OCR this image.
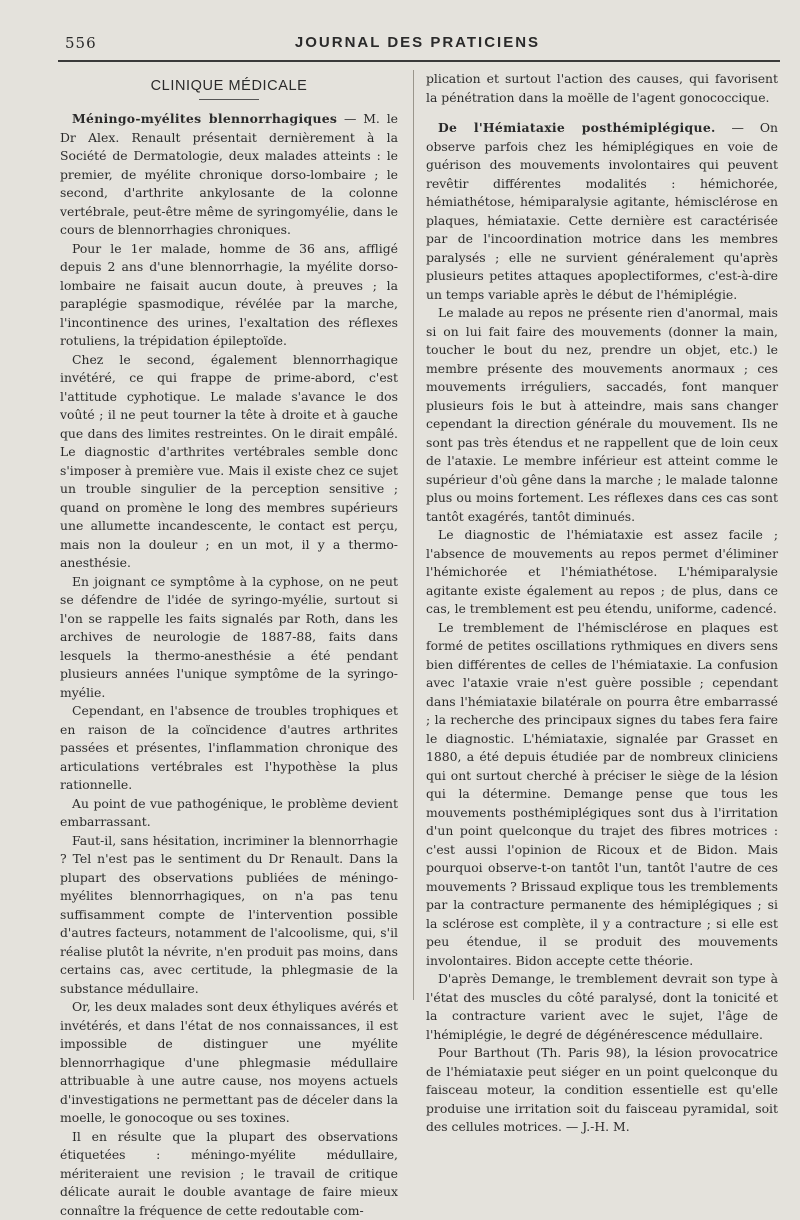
556	JOURNAL DES PRATICIENS
CLINIQUE MÉDICALE

Méningo-myélites blennorrhagiques — M. le Dr Alex. Renault présentait dernièrement à la Société de Dermatologie, deux malades atteints : le premier, de myélite chronique dorso-lombaire ; le second, d'arthrite ankylosante de la colonne vertébrale, peut-être même de syringomyélie, dans le cours de blennorrhagies chroniques.

Pour le 1er malade, homme de 36 ans, affligé depuis 2 ans d'une blennorrhagie, la myélite dorso-lombaire ne faisait aucun doute, à preuves ; la paraplégie spasmodique, révélée par la marche, l'incontinence des urines, l'exaltation des réflexes rotuliens, la trépidation épileptoïde.

Chez le second, également blennorrhagique invétéré, ce qui frappe de prime-abord, c'est l'attitude cyphotique. Le malade s'avance le dos voûté ; il ne peut tourner la tête à droite et à gauche que dans des limites restreintes. On le dirait empâlé. Le diagnostic d'arthrites vertébrales semble donc s'imposer à première vue. Mais il existe chez ce sujet un trouble singulier de la perception sensitive ; quand on promène le long des membres supérieurs une allumette incandescente, le contact est perçu, mais non la douleur ; en un mot, il y a thermo-anesthésie.

En joignant ce symptôme à la cyphose, on ne peut se défendre de l'idée de syringo-myélie, surtout si l'on se rappelle les faits signalés par Roth, dans les archives de neurologie de 1887-88, faits dans lesquels la thermo-anesthésie a été pendant plusieurs années l'unique symptôme de la syringo-myélie.

Cependant, en l'absence de troubles trophiques et en raison de la coïncidence d'autres arthrites passées et présentes, l'inflammation chronique des articulations vertébrales est l'hypothèse la plus rationnelle.

Au point de vue pathogénique, le problème devient embarrassant.

Faut-il, sans hésitation, incriminer la blennorrhagie ? Tel n'est pas le sentiment du Dr Renault. Dans la plupart des observations publiées de méningo-myélites blennorrhagiques, on n'a pas tenu suffisamment compte de l'intervention possible d'autres facteurs, notamment de l'alcoolisme, qui, s'il réalise plutôt la névrite, n'en produit pas moins, dans certains cas, avec certitude, la phlegmasie de la substance médullaire.

Or, les deux malades sont deux éthyliques avérés et invétérés, et dans l'état de nos connaissances, il est impossible de distinguer une myélite blennorrhagique d'une phlegmasie médullaire attribuable à une autre cause, nos moyens actuels d'investigations ne permettant pas de déceler dans la moelle, le gonocoque ou ses toxines.

Il en résulte que la plupart des observations étiquetées : méningo-myélite médullaire, mériteraient une revision ; le travail de critique délicate aurait le double avantage de faire mieux connaître la fréquence de cette redoutable com-

plication et surtout l'action des causes, qui favorisent la pénétration dans la moëlle de l'agent gonococcique.

De l'Hémiataxie posthémiplégique. — On observe parfois chez les hémiplégiques en voie de guérison des mouvements involontaires qui peuvent revêtir différentes modalités : hémichorée, hémiathétose, hémiparalysie agitante, hémisclérose en plaques, hémiataxie. Cette dernière est caractérisée par de l'incoordination motrice dans les membres paralysés ; elle ne survient généralement qu'après plusieurs petites attaques apoplectiformes, c'est-à-dire un temps variable après le début de l'hémiplégie.

Le malade au repos ne présente rien d'anormal, mais si on lui fait faire des mouvements (donner la main, toucher le bout du nez, prendre un objet, etc.) le membre présente des mouvements anormaux ; ces mouvements irréguliers, saccadés, font manquer plusieurs fois le but à atteindre, mais sans changer cependant la direction générale du mouvement. Ils ne sont pas très étendus et ne rappellent que de loin ceux de l'ataxie. Le membre inférieur est atteint comme le supérieur d'où gêne dans la marche ; le malade talonne plus ou moins fortement. Les réflexes dans ces cas sont tantôt exagérés, tantôt diminués.

Le diagnostic de l'hémiataxie est assez facile ; l'absence de mouvements au repos permet d'éliminer l'hémichorée et l'hémiathétose. L'hémiparalysie agitante existe également au repos ; de plus, dans ce cas, le tremblement est peu étendu, uniforme, cadencé.

Le tremblement de l'hémisclérose en plaques est formé de petites oscillations rythmiques en divers sens bien différentes de celles de l'hémiataxie. La confusion avec l'ataxie vraie n'est guère possible ; cependant dans l'hémiataxie bilatérale on pourra être embarrassé ; la recherche des principaux signes du tabes fera faire le diagnostic. L'hémiataxie, signalée par Grasset en 1880, a été depuis étudiée par de nombreux cliniciens qui ont surtout cherché à préciser le siège de la lésion qui la détermine. Demange pense que tous les mouvements posthémiplégiques sont dus à l'irritation d'un point quelconque du trajet des fibres motrices : c'est aussi l'opinion de Ricoux et de Bidon. Mais pourquoi observe-t-on tantôt l'un, tantôt l'autre de ces mouvements ? Brissaud explique tous les tremblements par la contracture permanente des hémiplégiques ; si la sclérose est complète, il y a contracture ; si elle est peu étendue, il se produit des mouvements involontaires. Bidon accepte cette théorie.

D'après Demange, le tremblement devrait son type à l'état des muscles du côté paralysé, dont la tonicité et la contracture varient avec le sujet, l'âge de l'hémiplégie, le degré de dégénérescence médullaire.

Pour Barthout (Th. Paris 98), la lésion provocatrice de l'hémiataxie peut siéger en un point quelconque du faisceau moteur, la condition essentielle est qu'elle produise une irritation soit du faisceau pyramidal, soit des cellules motrices. — J.-H. M.
